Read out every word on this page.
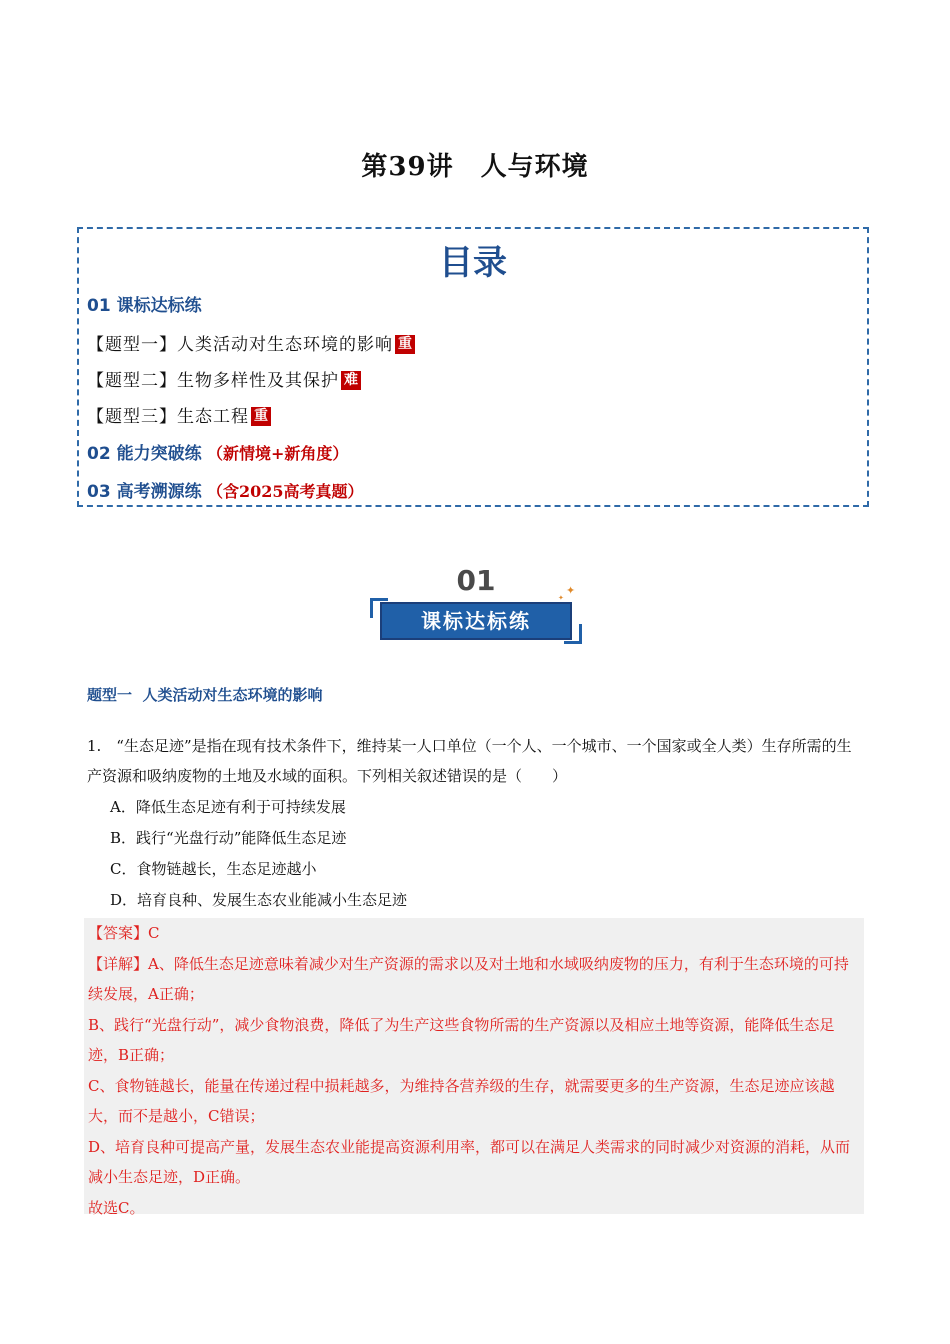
第39讲　人与环境
目录
01 课标达标练
【题型一】人类活动对生态环境的影响 重
【题型二】生物多样性及其保护 难
【题型三】生态工程 重
02 能力突破练 （新情境+新角度）
03 高考溯源练 （含2025高考真题）
01
课标达标练
✦
✦
题型一  人类活动对生态环境的影响
1.　“生态足迹”是指在现有技术条件下，维持某一人口单位（一个人、一个城市、一个国家或全人类）生存所需的生产资源和吸纳废物的土地及水域的面积。下列相关叙述错误的是（　　）
A．降低生态足迹有利于可持续发展
B．践行“光盘行动”能降低生态足迹
C．食物链越长，生态足迹越小
D．培育良种、发展生态农业能减小生态足迹

【答案】C

【详解】A、降低生态足迹意味着减少对生产资源的需求以及对土地和水域吸纳废物的压力，有利于生态环境的可持续发展，A正确；

B、践行“光盘行动”，减少食物浪费，降低了为生产这些食物所需的生产资源以及相应土地等资源，能降低生态足迹，B正确；

C、食物链越长，能量在传递过程中损耗越多，为维持各营养级的生存，就需要更多的生产资源，生态足迹应该越大，而不是越小，C错误；

D、培育良种可提高产量，发展生态农业能提高资源利用率，都可以在满足人类需求的同时减少对资源的消耗，从而减小生态足迹，D正确。

故选C。
